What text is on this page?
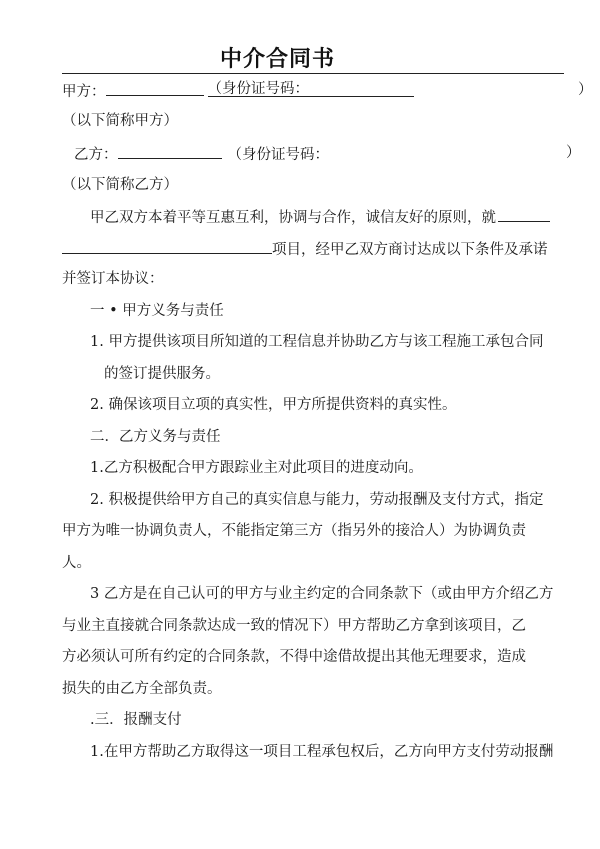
中介合同书
甲方：	（身份证号码：	）
（以下简称甲方）
乙方：	（身份证号码：	）
（以下简称乙方）
甲乙双方本着平等互惠互利，协调与合作，诚信友好的原则，就
项目，经甲乙双方商讨达成以下条件及承诺
并签订本协议：
一 • 甲方义务与责任
1. 甲方提供该项目所知道的工程信息并协助乙方与该工程施工承包合同
的签订提供服务。
2. 确保该项目立项的真实性，甲方所提供资料的真实性。
二．乙方义务与责任
1.乙方积极配合甲方跟踪业主对此项目的进度动向。
2. 积极提供给甲方自己的真实信息与能力，劳动报酬及支付方式，指定
甲方为唯一协调负责人，不能指定第三方（指另外的接洽人）为协调负责
人。
3 乙方是在自己认可的甲方与业主约定的合同条款下（或由甲方介绍乙方
与业主直接就合同条款达成一致的情况下）甲方帮助乙方拿到该项目，乙
方必须认可所有约定的合同条款，不得中途借故提出其他无理要求，造成
损失的由乙方全部负责。
.三．报酬支付
1.在甲方帮助乙方取得这一项目工程承包权后，乙方向甲方支付劳动报酬
